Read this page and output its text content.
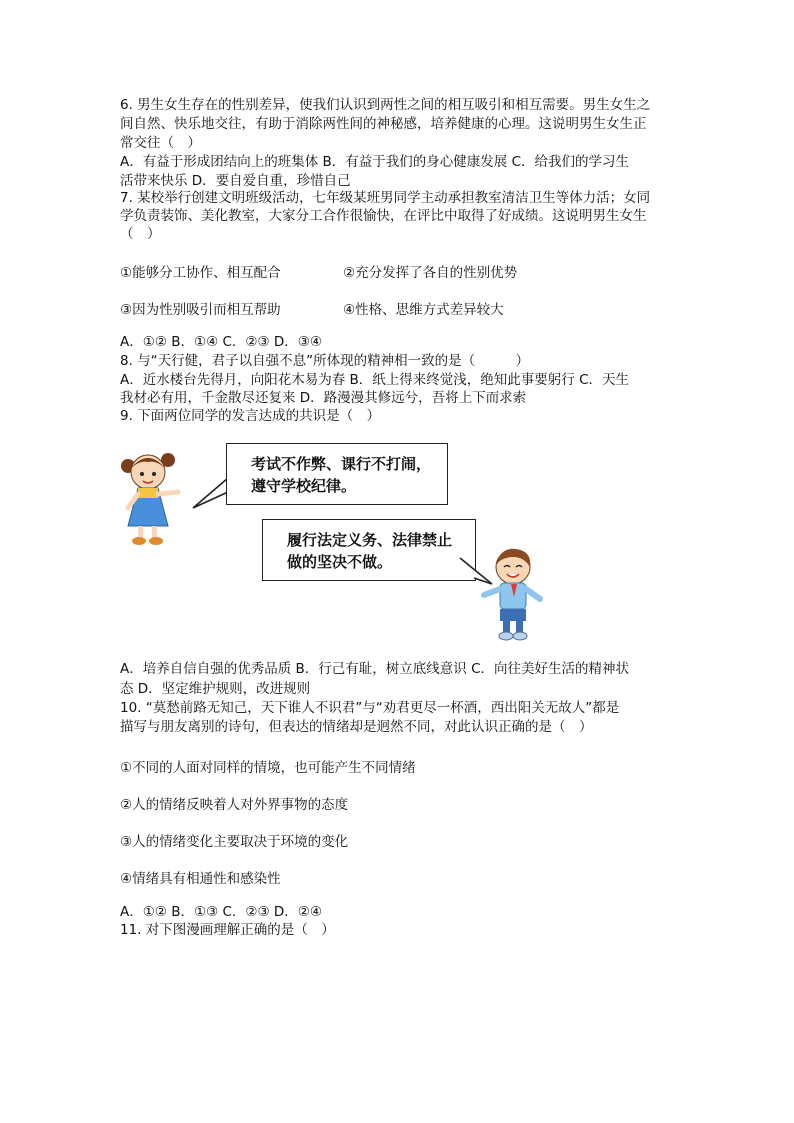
6. 男生女生存在的性别差异，使我们认识到两性之间的相互吸引和相互需要。男生女生之
间自然、快乐地交往，有助于消除两性间的神秘感，培养健康的心理。这说明男生女生正
常交往（　）
A．有益于形成团结向上的班集体 B．有益于我们的身心健康发展 C．给我们的学习生
活带来快乐 D．要自爱自重，珍惜自己
7. 某校举行创建文明班级活动，七年级某班男同学主动承担教室清洁卫生等体力活；女同
学负责装饰、美化教室，大家分工合作很愉快，在评比中取得了好成绩。这说明男生女生
（　）
①能够分工协作、相互配合	②充分发挥了各自的性别优势
③因为性别吸引而相互帮助	④性格、思维方式差异较大
A．①② B．①④ C．②③ D．③④
8. 与“天行健，君子以自强不息”所体现的精神相一致的是（　　　）
A．近水楼台先得月，向阳花木易为春 B．纸上得来终觉浅，绝知此事要躬行 C．天生
我材必有用，千金散尽还复来 D．路漫漫其修远兮，吾将上下而求索
9. 下面两位同学的发言达成的共识是（　）
考试不作弊、课行不打闹，
遵守学校纪律。
履行法定义务、法律禁止
做的坚决不做。
A．培养自信自强的优秀品质 B．行己有耻，树立底线意识 C．向往美好生活的精神状
态 D．坚定维护规则，改进规则
10. “莫愁前路无知己，天下谁人不识君”与“劝君更尽一杯酒，西出阳关无故人”都是
描写与朋友离别的诗句，但表达的情绪却是迥然不同，对此认识正确的是（　）
①不同的人面对同样的情境，也可能产生不同情绪
②人的情绪反映着人对外界事物的态度
③人的情绪变化主要取决于环境的变化
④情绪具有相通性和感染性
A．①② B．①③ C．②③ D．②④
11. 对下图漫画理解正确的是（　）
